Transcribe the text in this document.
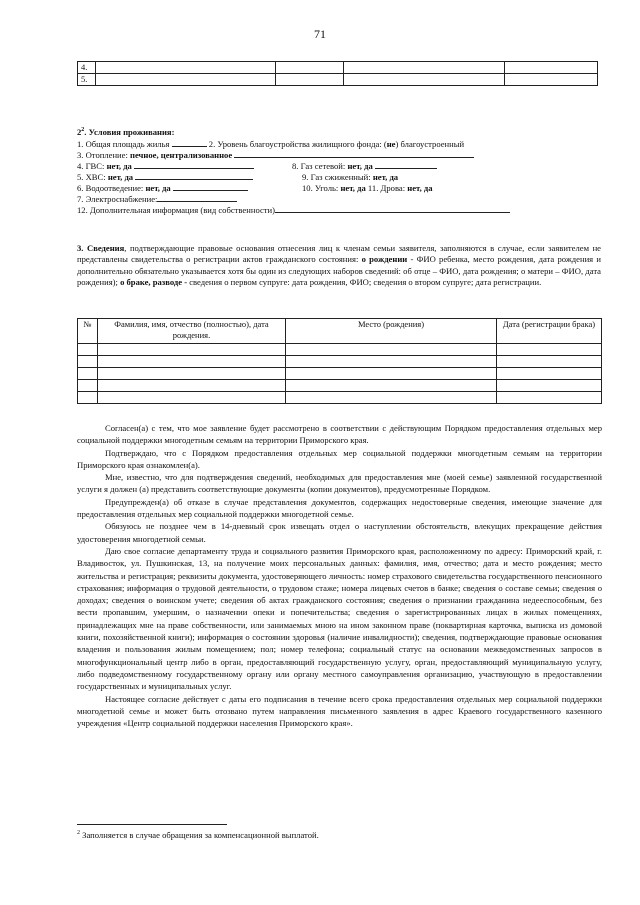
71
4.				
5.				
$2^2$. Условия проживания:
1. Общая площадь жилья	2. Уровень благоустройства жилищного фонда: (не) благоустроенный
3. Отопление: печное, централизованное
4. ГВС: нет, да	8. Газ сетевой: нет, да
5. ХВС: нет, да	9. Газ сжиженный: нет, да
6. Водоотведение: нет, да	10. Уголь: нет, да 11. Дрова: нет, да
7. Электроснабжение:
12. Дополнительная информация (вид собственности)
3. Сведения, подтверждающие правовые основания отнесения лиц к членам семьи заявителя, заполняются в случае, если заявителем не представлены свидетельства о регистрации актов гражданского состояния: о рождении - ФИО ребенка, место рождения, дата рождения и дополнительно обязательно указывается хотя бы один из следующих наборов сведений: об отце – ФИО, дата рождения; о матери – ФИО, дата рождения); о браке, разводе - сведения о первом супруге: дата рождения, ФИО; сведения о втором супруге; дата регистрации.
№	Фамилия, имя, отчество (полностью), дата рождения.	Место (рождения)	Дата (регистрации брака)

Согласен(а) с тем, что мое заявление будет рассмотрено в соответствии с действующим Порядком предоставления отдельных мер социальной поддержки многодетным семьям на территории Приморского края.

Подтверждаю, что с Порядком предоставления отдельных мер социальной поддержки многодетным семьям на территории Приморского края ознакомлен(а).

Мне, известно, что для подтверждения сведений, необходимых для предоставления мне (моей семье) заявленной государственной услуги я должен (а) представить соответствующие документы (копии документов), предусмотренные Порядком.

Предупрежден(а) об отказе в случае представления документов, содержащих недостоверные сведения, имеющие значение для предоставления отдельных мер социальной поддержки многодетной семье.

Обязуюсь не позднее чем в 14-дневный срок извещать отдел о наступлении обстоятельств, влекущих прекращение действия удостоверения многодетной семьи.

Даю свое согласие департаменту труда и социального развития Приморского края, расположенному по адресу: Приморский край, г. Владивосток, ул. Пушкинская, 13, на получение моих персональных данных: фамилия, имя, отчество; дата и место рождения; место жительства и регистрация; реквизиты документа, удостоверяющего личность: номер страхового свидетельства государственного пенсионного страхования; информация о трудовой деятельности, о трудовом стаже; номера лицевых счетов в банке; сведения о составе семьи; сведения о доходах; сведения о воинском учете; сведения об актах гражданского состояния; сведения о признании гражданина недееспособным, без вести пропавшим, умершим, о назначении опеки и попечительства; сведения о зарегистрированных лицах в жилых помещениях, принадлежащих мне на праве собственности, или занимаемых мною на ином законном праве (поквартирная карточка, выписка из домовой книги, похозяйственной книги); информация о состоянии здоровья (наличие инвалидности); сведения, подтверждающие правовые основания владения и пользования жилым помещением; пол; номер телефона; социальный статус на основании межведомственных запросов в многофункциональный центр либо в орган, предоставляющий государственную услугу, орган, предоставляющий муниципальную услугу, либо подведомственному государственному органу или органу местного самоуправления организацию, участвующую в предоставлении государственных и муниципальных услуг.

Настоящее согласие действует с даты его подписания в течение всего срока предоставления отдельных мер социальной поддержки многодетной семье и может быть отозвано путем направления письменного заявления в адрес Краевого государственного казенного учреждения «Центр социальной поддержки населения Приморского края».

$^2$ Заполняется в случае обращения за компенсационной выплатой.
